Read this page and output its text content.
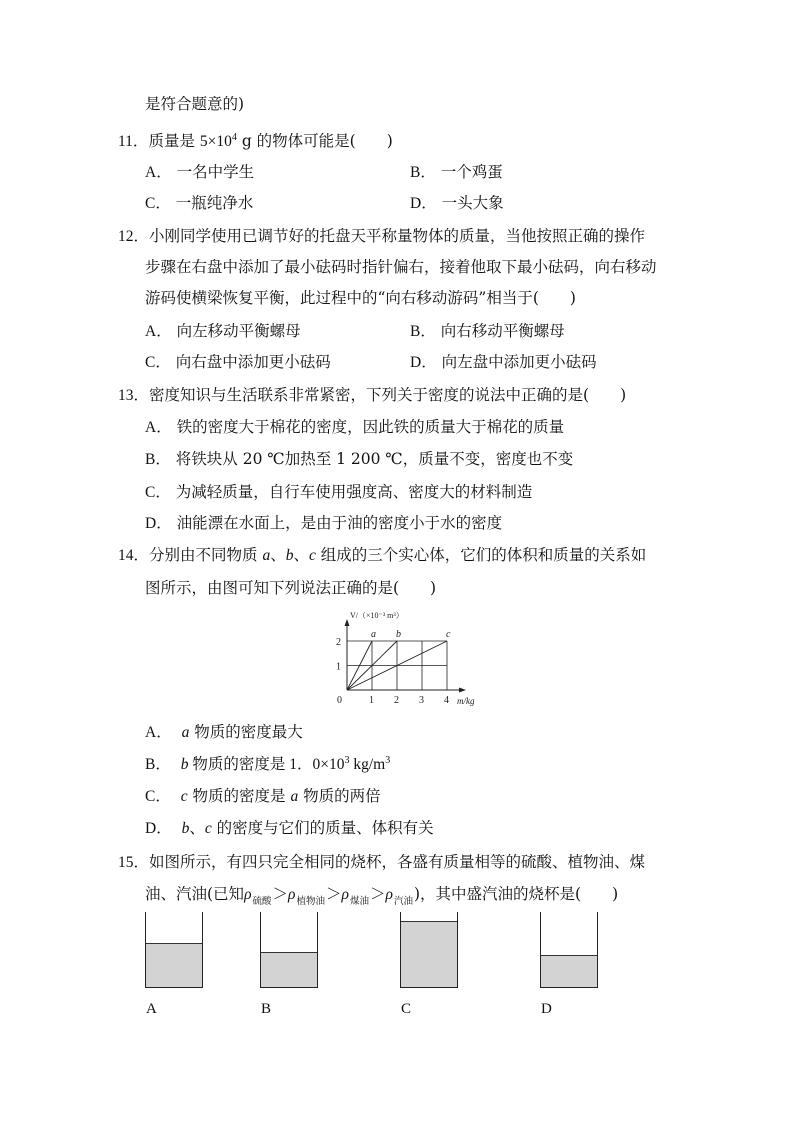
是符合题意的)
11．质量是 $5\times 10^4$ g 的物体可能是(　　)
A． 一名中学生	B． 一个鸡蛋
C． 一瓶纯净水	D． 一头大象
12．小刚同学使用已调节好的托盘天平称量物体的质量，当他按照正确的操作
步骤在右盘中添加了最小砝码时指针偏右，接着他取下最小砝码，向右移动
游码使横梁恢复平衡，此过程中的“向右移动游码”相当于(　　)
A． 向左移动平衡螺母	B． 向右移动平衡螺母
C． 向右盘中添加更小砝码	D． 向左盘中添加更小砝码
13．密度知识与生活联系非常紧密，下列关于密度的说法中正确的是(　　)
A． 铁的密度大于棉花的密度，因此铁的质量大于棉花的质量
B． 将铁块从 20 ℃加热至 1 200 ℃，质量不变，密度也不变
C． 为减轻质量，自行车使用强度高、密度大的材料制造
D． 油能漂在水面上，是由于油的密度小于水的密度
14．分别由不同物质 a、b、c 组成的三个实心体，它们的体积和质量的关系如
图所示，由图可知下列说法正确的是(　　)
a b	c
1 2 3 4
1
2
0	m/kg
V/（×10⁻³ m³）
A． a 物质的密度最大
B． b 物质的密度是 1．$0\times 10^3$ $kg/m^3$
C． c 物质的密度是 a 物质的两倍
D． b、c 的密度与它们的质量、体积有关
15．如图所示，有四只完全相同的烧杯，各盛有质量相等的硫酸、植物油、煤
油、汽油(已知$\rho_{硫酸}>\rho_{植物油}>\rho_{煤油}>\rho_{汽油}$)，其中盛汽油的烧杯是(　　)
A	B	C	D
